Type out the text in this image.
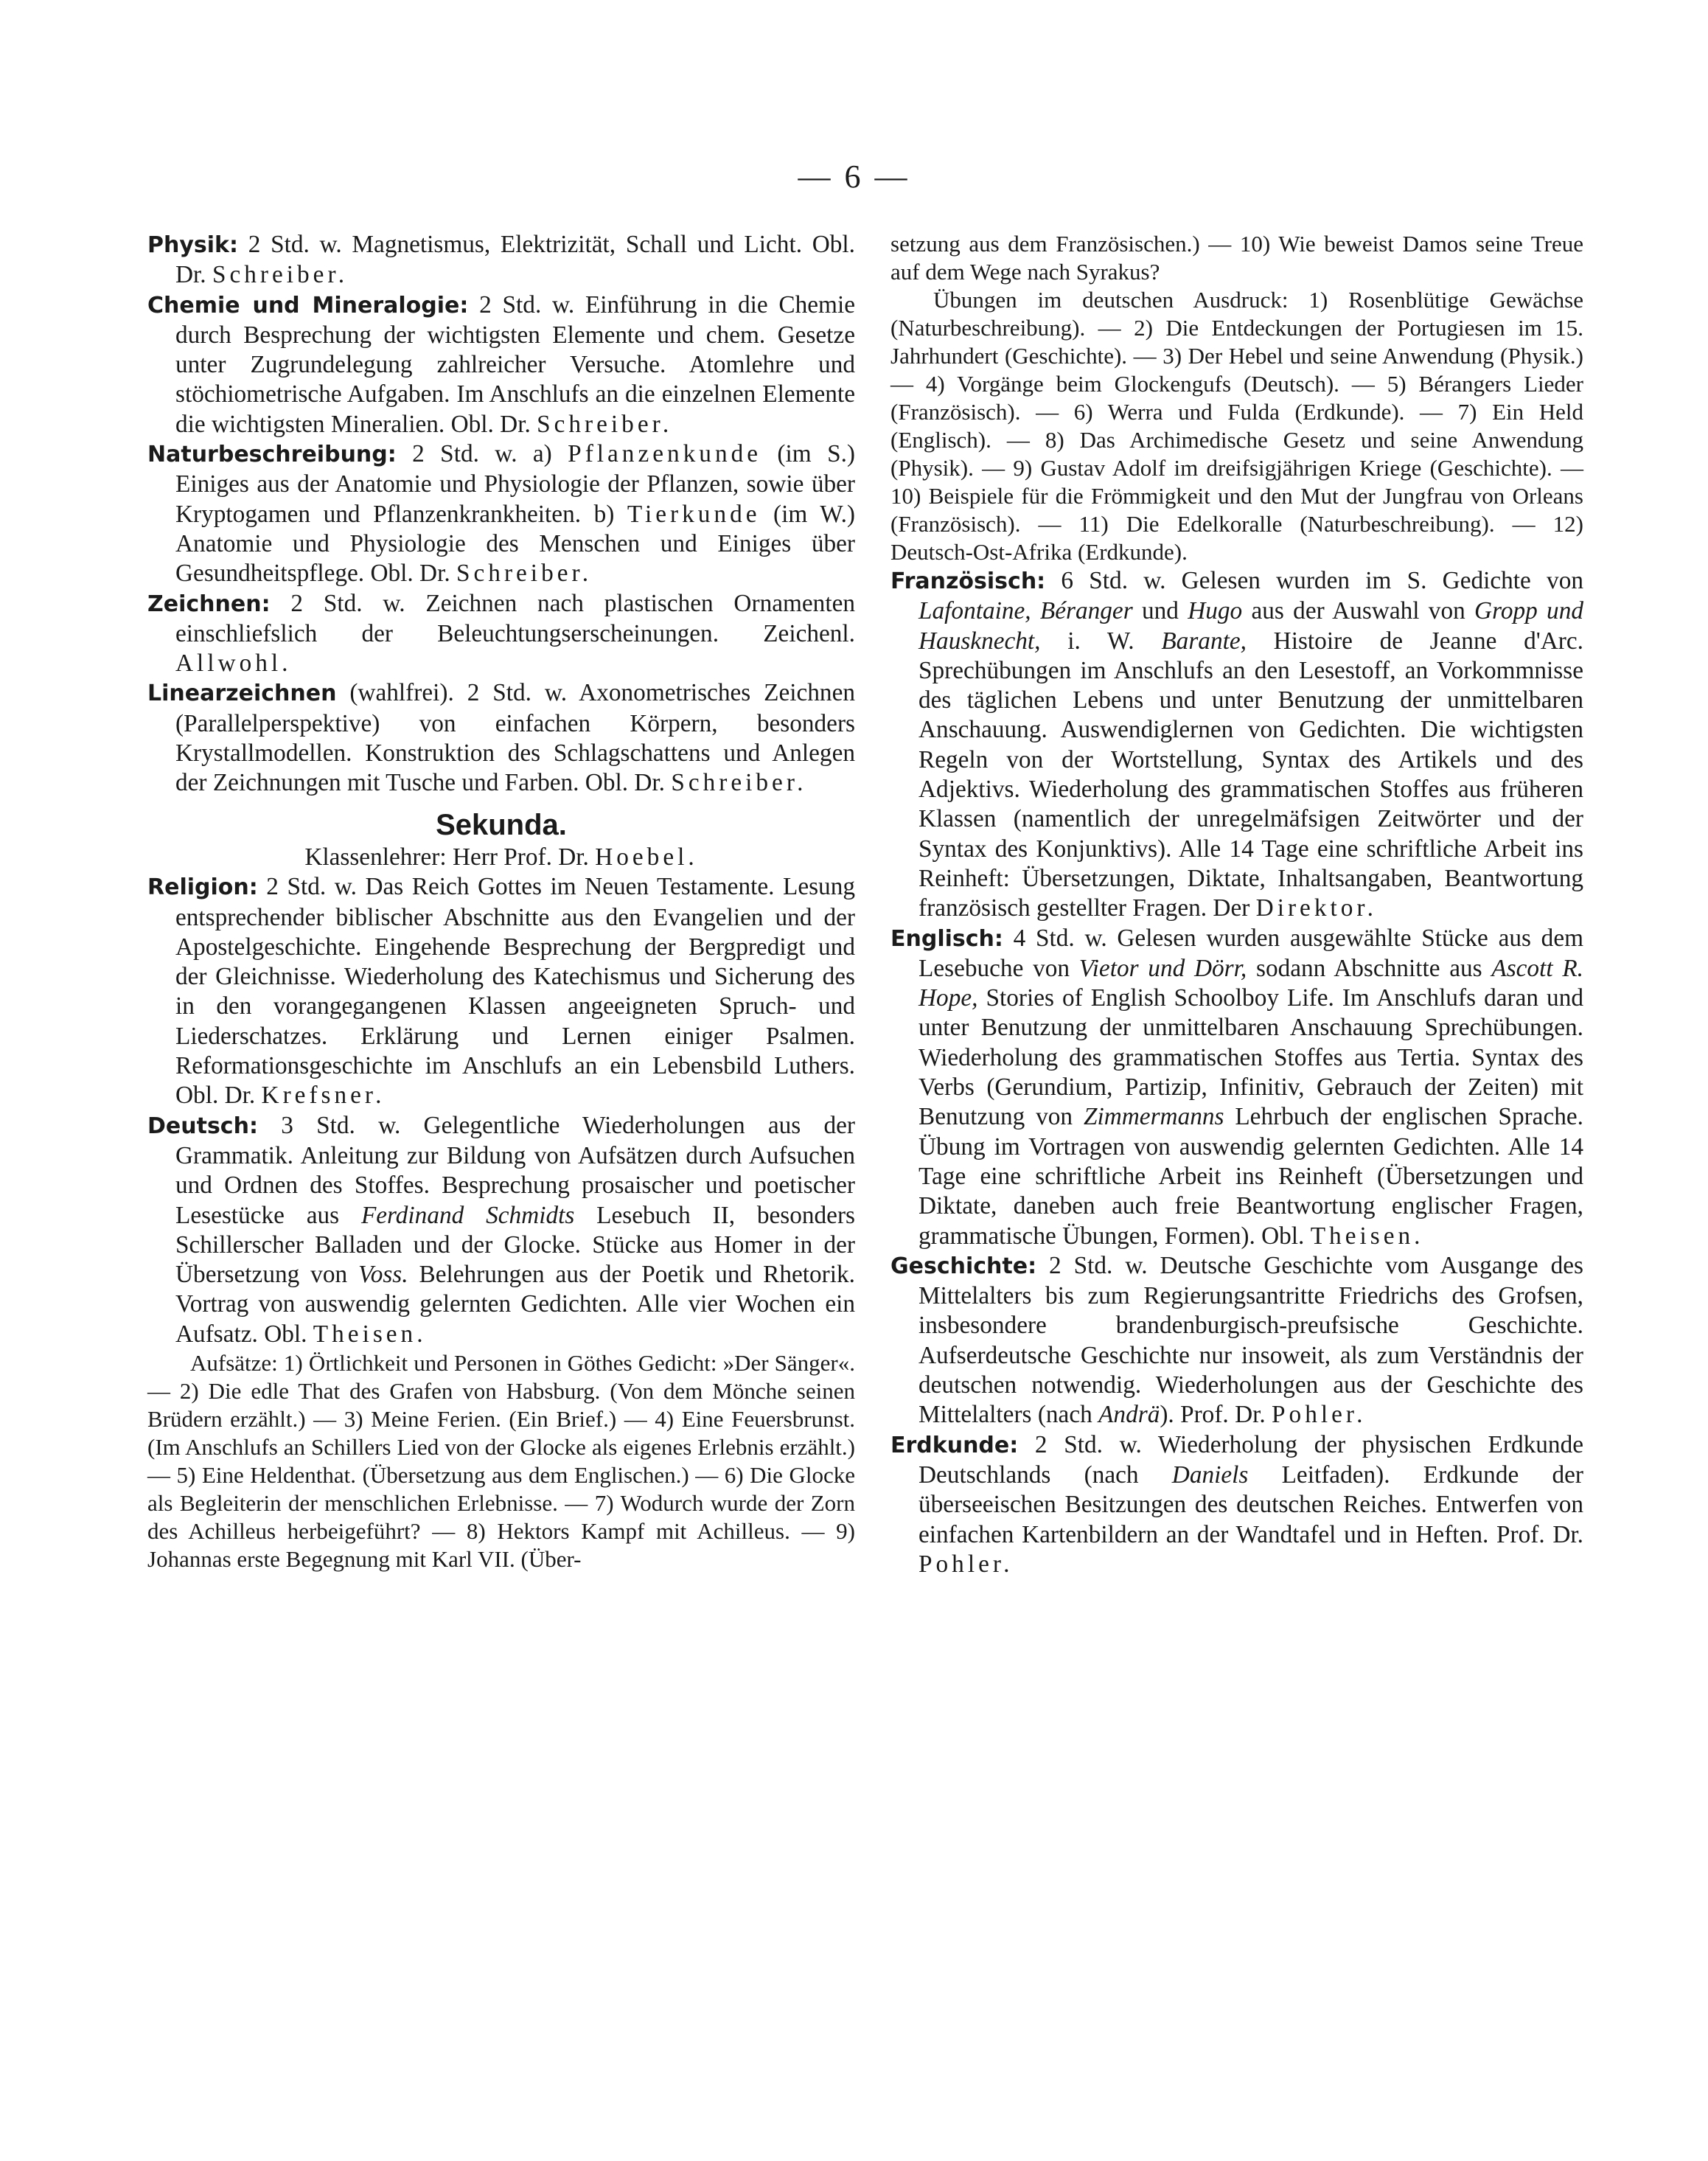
— 6 —

Physik: 2 Std. w. Magnetismus, Elektrizität, Schall und Licht. Obl. Dr. Schreiber.

Chemie und Mineralogie: 2 Std. w. Einführung in die Chemie durch Besprechung der wichtigsten Elemente und chem. Gesetze unter Zugrundelegung zahlreicher Versuche. Atomlehre und stöchiometrische Aufgaben. Im Anschlufs an die einzelnen Elemente die wichtigsten Mineralien. Obl. Dr. Schreiber.

Naturbeschreibung: 2 Std. w. a) Pflanzenkunde (im S.) Einiges aus der Anatomie und Physiologie der Pflanzen, sowie über Kryptogamen und Pflanzenkrankheiten. b) Tierkunde (im W.) Anatomie und Physiologie des Menschen und Einiges über Gesundheitspflege. Obl. Dr. Schreiber.

Zeichnen: 2 Std. w. Zeichnen nach plastischen Ornamenten einschliefslich der Beleuchtungserscheinungen. Zeichenl. Allwohl.

Linearzeichnen (wahlfrei). 2 Std. w. Axonometrisches Zeichnen (Parallelperspektive) von einfachen Körpern, besonders Krystallmodellen. Konstruktion des Schlagschattens und Anlegen der Zeichnungen mit Tusche und Farben. Obl. Dr. Schreiber.

Sekunda.

Klassenlehrer: Herr Prof. Dr. Hoebel.

Religion: 2 Std. w. Das Reich Gottes im Neuen Testamente. Lesung entsprechender biblischer Abschnitte aus den Evangelien und der Apostelgeschichte. Eingehende Besprechung der Bergpredigt und der Gleichnisse. Wiederholung des Katechismus und Sicherung des in den vorangegangenen Klassen angeeigneten Spruch- und Liederschatzes. Erklärung und Lernen einiger Psalmen. Reformationsgeschichte im Anschlufs an ein Lebensbild Luthers. Obl. Dr. Krefsner.

Deutsch: 3 Std. w. Gelegentliche Wiederholungen aus der Grammatik. Anleitung zur Bildung von Aufsätzen durch Aufsuchen und Ordnen des Stoffes. Besprechung prosaischer und poetischer Lesestücke aus Ferdinand Schmidts Lesebuch II, besonders Schillerscher Balladen und der Glocke. Stücke aus Homer in der Übersetzung von Voss. Belehrungen aus der Poetik und Rhetorik. Vortrag von auswendig gelernten Gedichten. Alle vier Wochen ein Aufsatz. Obl. Theisen.

Aufsätze: 1) Örtlichkeit und Personen in Göthes Gedicht: »Der Sänger«. — 2) Die edle That des Grafen von Habsburg. (Von dem Mönche seinen Brüdern erzählt.) — 3) Meine Ferien. (Ein Brief.) — 4) Eine Feuersbrunst. (Im Anschlufs an Schillers Lied von der Glocke als eigenes Erlebnis erzählt.) — 5) Eine Heldenthat. (Übersetzung aus dem Englischen.) — 6) Die Glocke als Begleiterin der menschlichen Erlebnisse. — 7) Wodurch wurde der Zorn des Achilleus herbeigeführt? — 8) Hektors Kampf mit Achilleus. — 9) Johannas erste Begegnung mit Karl VII. (Über-

setzung aus dem Französischen.) — 10) Wie beweist Damos seine Treue auf dem Wege nach Syrakus?

Übungen im deutschen Ausdruck: 1) Rosenblütige Gewächse (Naturbeschreibung). — 2) Die Entdeckungen der Portugiesen im 15. Jahrhundert (Geschichte). — 3) Der Hebel und seine Anwendung (Physik.) — 4) Vorgänge beim Glockengufs (Deutsch). — 5) Bérangers Lieder (Französisch). — 6) Werra und Fulda (Erdkunde). — 7) Ein Held (Englisch). — 8) Das Archimedische Gesetz und seine Anwendung (Physik). — 9) Gustav Adolf im dreifsigjährigen Kriege (Geschichte). — 10) Beispiele für die Frömmigkeit und den Mut der Jungfrau von Orleans (Französisch). — 11) Die Edelkoralle (Naturbeschreibung). — 12) Deutsch-Ost-Afrika (Erdkunde).

Französisch: 6 Std. w. Gelesen wurden im S. Gedichte von Lafontaine, Béranger und Hugo aus der Auswahl von Gropp und Hausknecht, i. W. Barante, Histoire de Jeanne d'Arc. Sprechübungen im Anschlufs an den Lesestoff, an Vorkommnisse des täglichen Lebens und unter Benutzung der unmittelbaren Anschauung. Auswendiglernen von Gedichten. Die wichtigsten Regeln von der Wortstellung, Syntax des Artikels und des Adjektivs. Wiederholung des grammatischen Stoffes aus früheren Klassen (namentlich der unregelmäfsigen Zeitwörter und der Syntax des Konjunktivs). Alle 14 Tage eine schriftliche Arbeit ins Reinheft: Übersetzungen, Diktate, Inhaltsangaben, Beantwortung französisch gestellter Fragen. Der Direktor.

Englisch: 4 Std. w. Gelesen wurden ausgewählte Stücke aus dem Lesebuche von Vietor und Dörr, sodann Abschnitte aus Ascott R. Hope, Stories of English Schoolboy Life. Im Anschlufs daran und unter Benutzung der unmittelbaren Anschauung Sprechübungen. Wiederholung des grammatischen Stoffes aus Tertia. Syntax des Verbs (Gerundium, Partizip, Infinitiv, Gebrauch der Zeiten) mit Benutzung von Zimmermanns Lehrbuch der englischen Sprache. Übung im Vortragen von auswendig gelernten Gedichten. Alle 14 Tage eine schriftliche Arbeit ins Reinheft (Übersetzungen und Diktate, daneben auch freie Beantwortung englischer Fragen, grammatische Übungen, Formen). Obl. Theisen.

Geschichte: 2 Std. w. Deutsche Geschichte vom Ausgange des Mittelalters bis zum Regierungsantritte Friedrichs des Grofsen, insbesondere brandenburgisch-preufsische Geschichte. Aufserdeutsche Geschichte nur insoweit, als zum Verständnis der deutschen notwendig. Wiederholungen aus der Geschichte des Mittelalters (nach Andrä). Prof. Dr. Pohler.

Erdkunde: 2 Std. w. Wiederholung der physischen Erdkunde Deutschlands (nach Daniels Leitfaden). Erdkunde der überseeischen Besitzungen des deutschen Reiches. Entwerfen von einfachen Kartenbildern an der Wandtafel und in Heften. Prof. Dr. Pohler.
